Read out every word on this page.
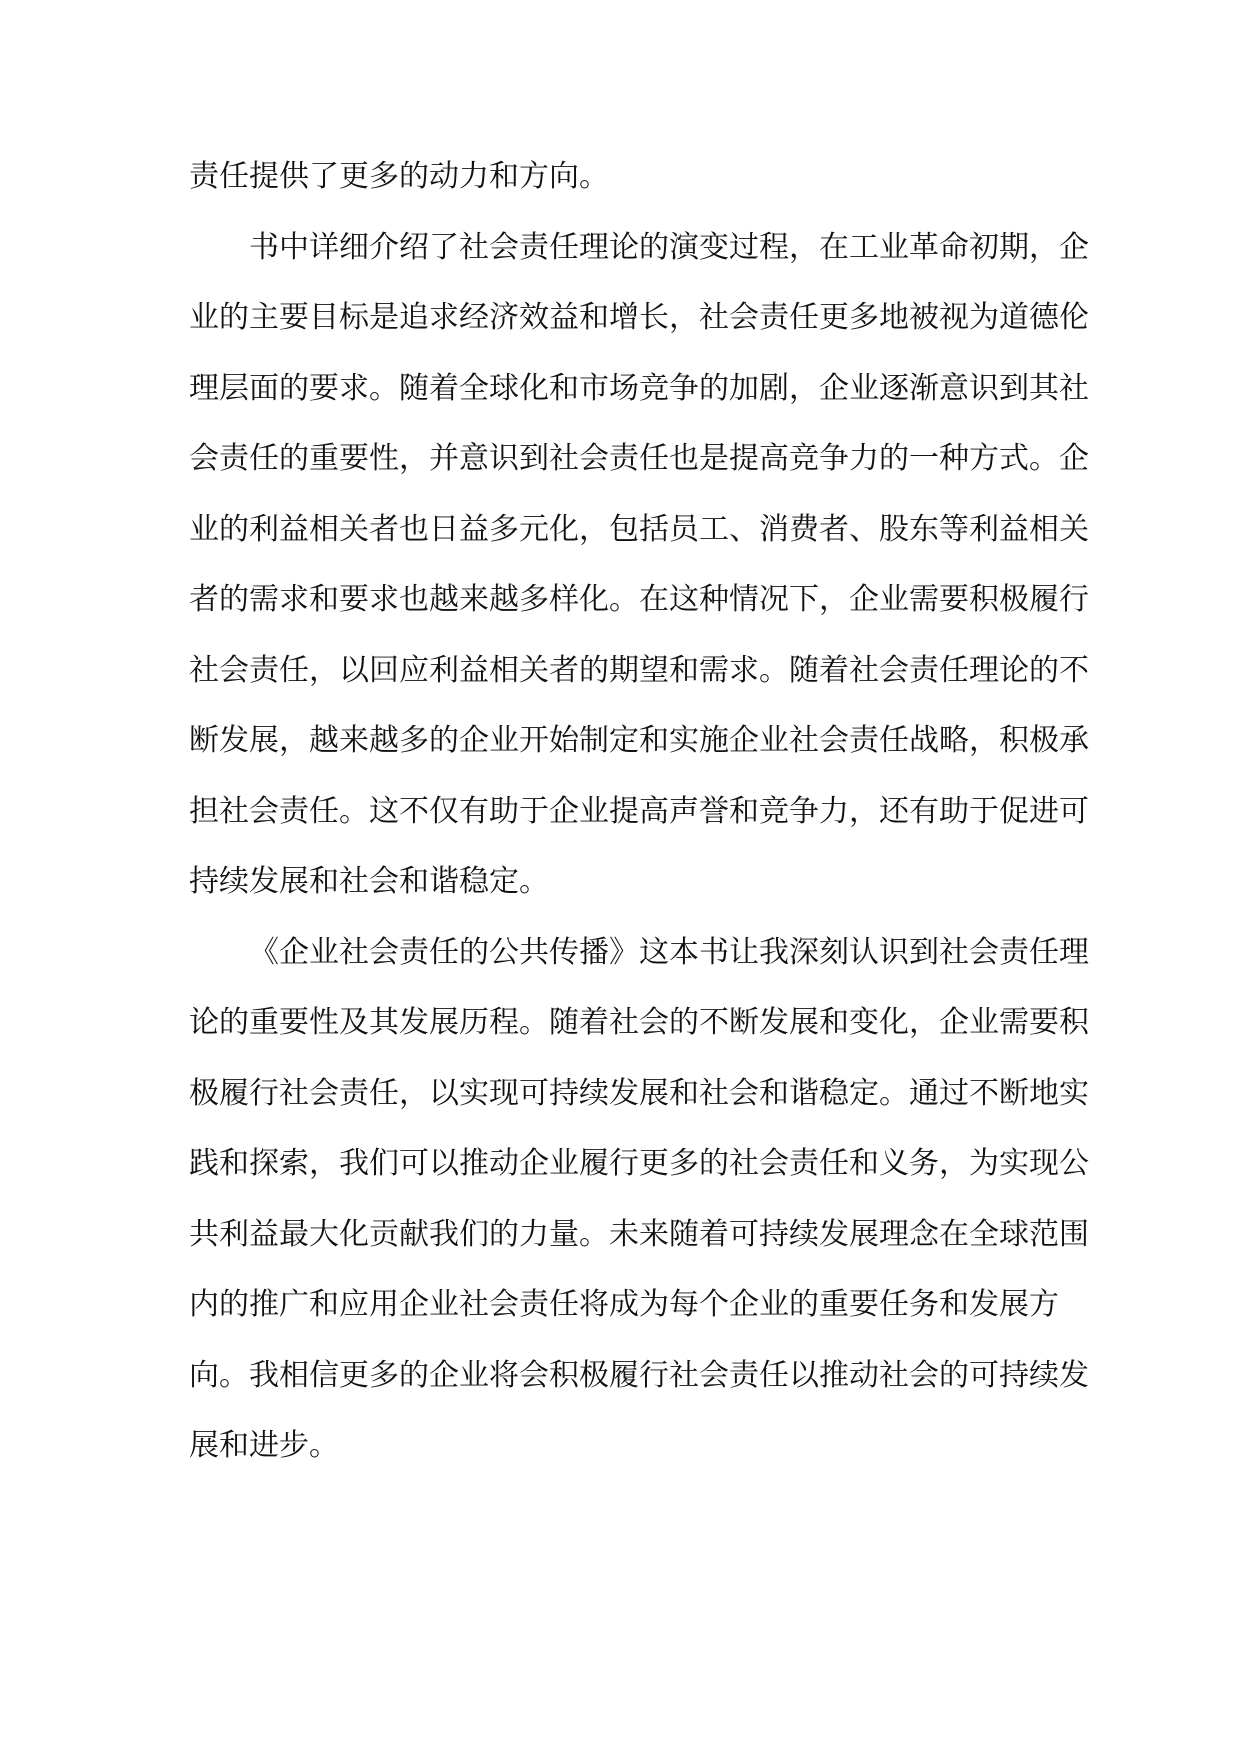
责任提供了更多的动力和方向。
书中详细介绍了社会责任理论的演变过程，在工业革命初期，企
业的主要目标是追求经济效益和增长，社会责任更多地被视为道德伦
理层面的要求。随着全球化和市场竞争的加剧，企业逐渐意识到其社
会责任的重要性，并意识到社会责任也是提高竞争力的一种方式。企
业的利益相关者也日益多元化，包括员工、消费者、股东等利益相关
者的需求和要求也越来越多样化。在这种情况下，企业需要积极履行
社会责任，以回应利益相关者的期望和需求。随着社会责任理论的不
断发展，越来越多的企业开始制定和实施企业社会责任战略，积极承
担社会责任。这不仅有助于企业提高声誉和竞争力，还有助于促进可
持续发展和社会和谐稳定。
《企业社会责任的公共传播》这本书让我深刻认识到社会责任理
论的重要性及其发展历程。随着社会的不断发展和变化，企业需要积
极履行社会责任，以实现可持续发展和社会和谐稳定。通过不断地实
践和探索，我们可以推动企业履行更多的社会责任和义务，为实现公
共利益最大化贡献我们的力量。未来随着可持续发展理念在全球范围
内的推广和应用企业社会责任将成为每个企业的重要任务和发展方
向。我相信更多的企业将会积极履行社会责任以推动社会的可持续发
展和进步。
